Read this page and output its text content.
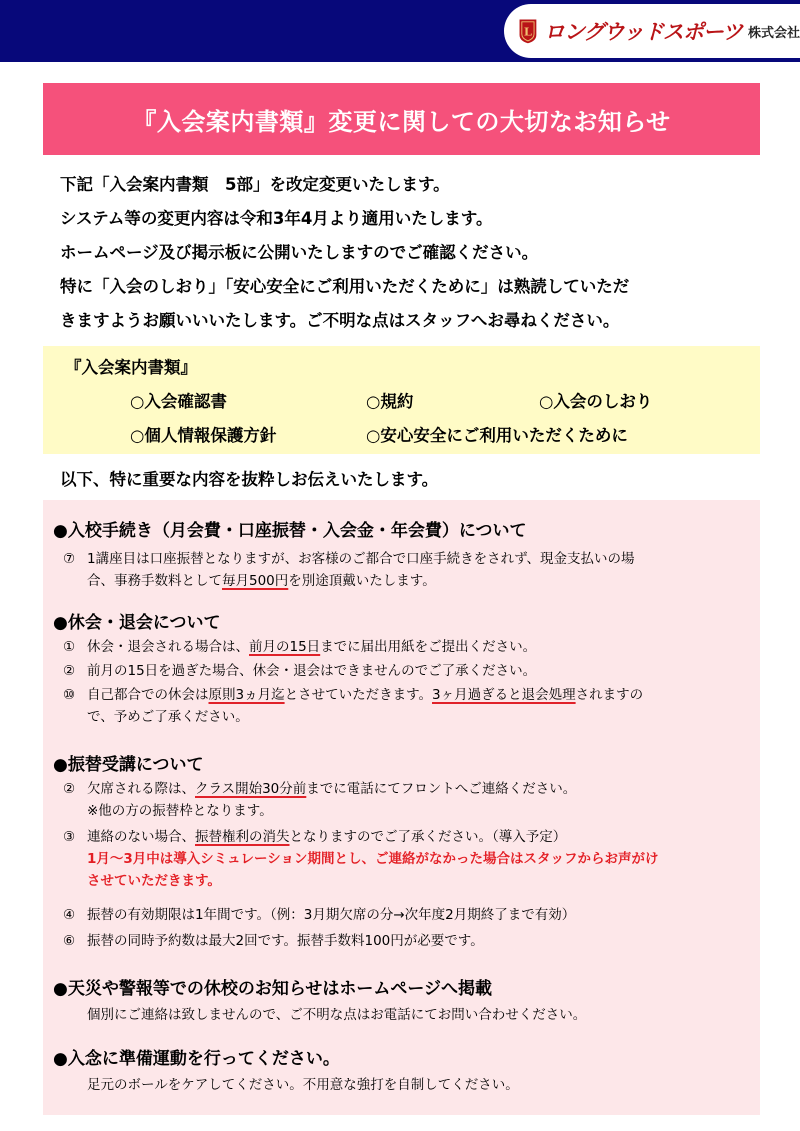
L ロングウッドスポーツ 株式会社
『入会案内書類』変更に関しての大切なお知らせ
下記「入会案内書類　5部」を改定変更いたします。
システム等の変更内容は令和3年4月より適用いたします。
ホームページ及び掲示板に公開いたしますのでご確認ください。
特に「入会のしおり」「安心安全にご利用いただくために」は熟読していただ
きますようお願いいいたします。ご不明な点はスタッフへお尋ねください。
『入会案内書類』
○入会確認書	○規約	○入会のしおり
○個人情報保護方針	○安心安全にご利用いただくために
以下、特に重要な内容を抜粋しお伝えいたします。
●入校手続き（月会費・口座振替・入会金・年会費）について
⑦ 1講座目は口座振替となりますが、お客様のご都合で口座手続きをされず、現金支払いの場
合、事務手数料として毎月500円を別途頂戴いたします。
●休会・退会について
① 休会・退会される場合は、前月の15日までに届出用紙をご提出ください。
② 前月の15日を過ぎた場合、休会・退会はできませんのでご了承ください。
⑩ 自己都合での休会は原則3ヵ月迄とさせていただきます。3ヶ月過ぎると退会処理されますの
で、予めご了承ください。
●振替受講について
② 欠席される際は、クラス開始30分前までに電話にてフロントへご連絡ください。
※他の方の振替枠となります。
③ 連絡のない場合、振替権利の消失となりますのでご了承ください。（導入予定）
1月～3月中は導入シミュレーション期間とし、ご連絡がなかった場合はスタッフからお声がけ
させていただきます。
④ 振替の有効期限は1年間です。（例：3月期欠席の分→次年度2月期終了まで有効）
⑥ 振替の同時予約数は最大2回です。振替手数料100円が必要です。
●天災や警報等での休校のお知らせはホームページへ掲載
個別にご連絡は致しませんので、ご不明な点はお電話にてお問い合わせください。
●入念に準備運動を行ってください。
足元のボールをケアしてください。不用意な強打を自制してください。
